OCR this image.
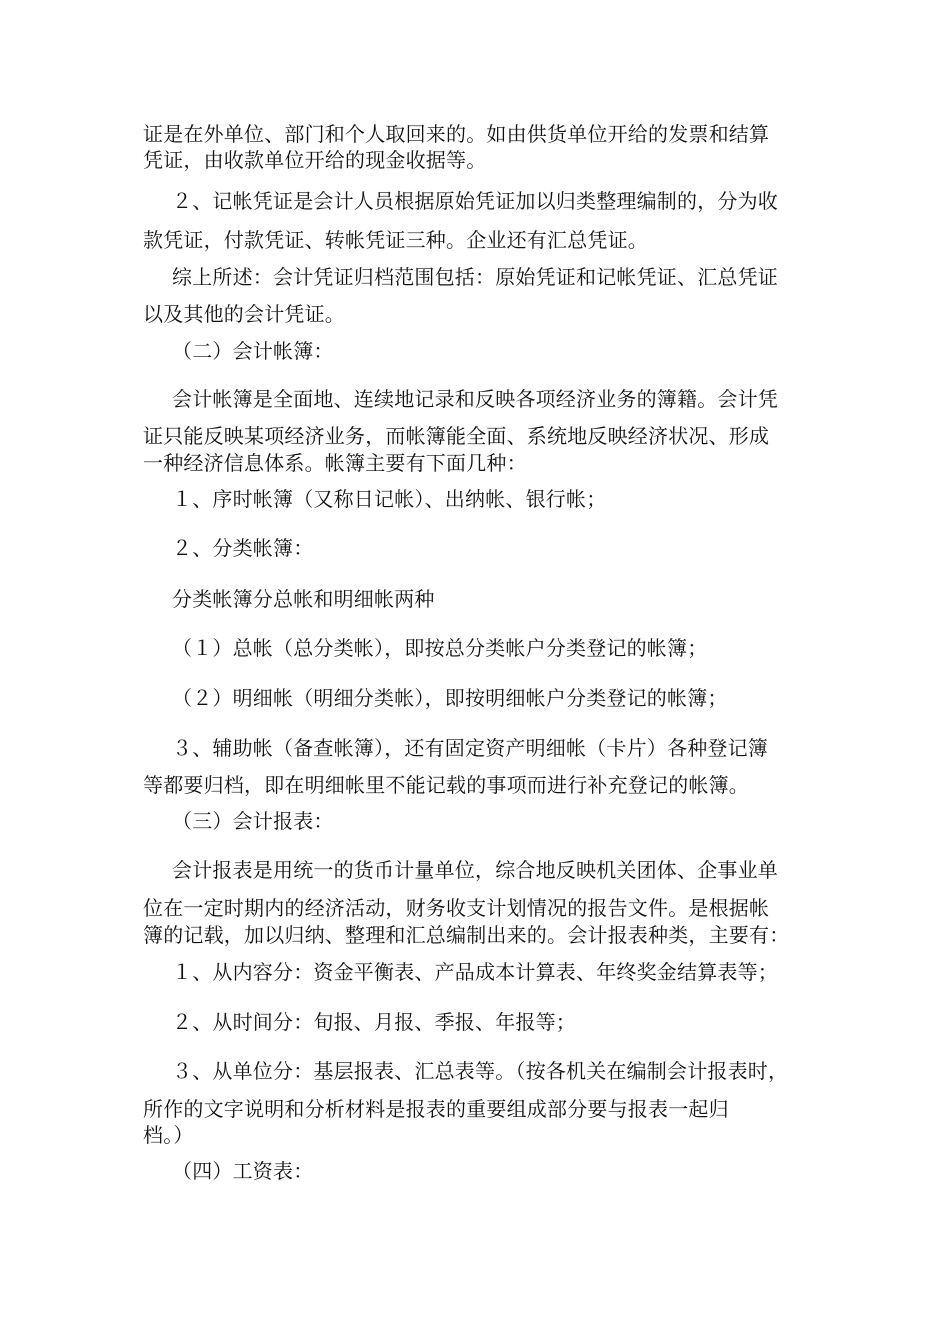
证是在外单位、部门和个人取回来的。如由供货单位开给的发票和结算
凭证，由收款单位开给的现金收据等。
２、记帐凭证是会计人员根据原始凭证加以归类整理编制的，分为收
款凭证，付款凭证、转帐凭证三种。企业还有汇总凭证。
综上所述：会计凭证归档范围包括：原始凭证和记帐凭证、汇总凭证
以及其他的会计凭证。
（二）会计帐簿：
会计帐簿是全面地、连续地记录和反映各项经济业务的簿籍。会计凭
证只能反映某项经济业务，而帐簿能全面、系统地反映经济状况、形成
一种经济信息体系。帐簿主要有下面几种：
１、序时帐簿（又称日记帐）、出纳帐、银行帐；
２、分类帐簿：
分类帐簿分总帐和明细帐两种
（１）总帐（总分类帐），即按总分类帐户分类登记的帐簿；
（２）明细帐（明细分类帐），即按明细帐户分类登记的帐簿；
３、辅助帐（备查帐簿），还有固定资产明细帐（卡片）各种登记簿
等都要归档，即在明细帐里不能记载的事项而进行补充登记的帐簿。
（三）会计报表：
会计报表是用统一的货币计量单位，综合地反映机关团体、企事业单
位在一定时期内的经济活动，财务收支计划情况的报告文件。是根据帐
簿的记载，加以归纳、整理和汇总编制出来的。会计报表种类，主要有：
１、从内容分：资金平衡表、产品成本计算表、年终奖金结算表等；
２、从时间分：旬报、月报、季报、年报等；
３、从单位分：基层报表、汇总表等。（按各机关在编制会计报表时，
所作的文字说明和分析材料是报表的重要组成部分要与报表一起归
档。）
（四）工资表：
